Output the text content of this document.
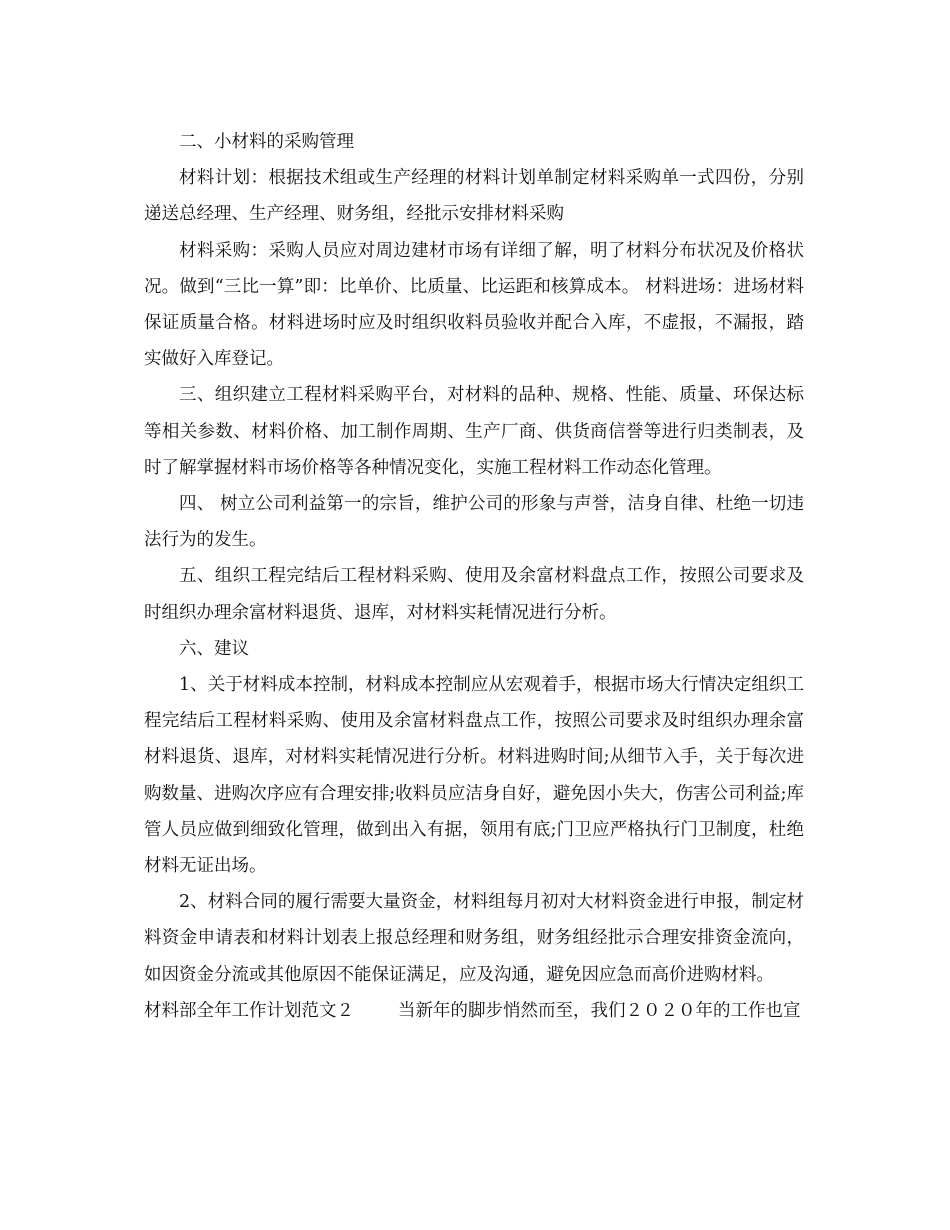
二、小材料的采购管理

材料计划：根据技术组或生产经理的材料计划单制定材料采购单一式四份，分别递送总经理、生产经理、财务组，经批示安排材料采购

材料采购：采购人员应对周边建材市场有详细了解，明了材料分布状况及价格状况。做到“三比一算”即：比单价、比质量、比运距和核算成本。 材料进场：进场材料保证质量合格。材料进场时应及时组织收料员验收并配合入库，不虚报，不漏报，踏实做好入库登记。

三、组织建立工程材料采购平台，对材料的品种、规格、性能、质量、环保达标等相关参数、材料价格、加工制作周期、生产厂商、供货商信誉等进行归类制表，及时了解掌握材料市场价格等各种情况变化，实施工程材料工作动态化管理。

四、 树立公司利益第一的宗旨，维护公司的形象与声誉，洁身自律、杜绝一切违法行为的发生。

五、组织工程完结后工程材料采购、使用及余富材料盘点工作，按照公司要求及时组织办理余富材料退货、退库，对材料实耗情况进行分析。

六、建议

1、关于材料成本控制，材料成本控制应从宏观着手，根据市场大行情决定组织工程完结后工程材料采购、使用及余富材料盘点工作，按照公司要求及时组织办理余富材料退货、退库，对材料实耗情况进行分析。材料进购时间;从细节入手，关于每次进购数量、进购次序应有合理安排;收料员应洁身自好，避免因小失大，伤害公司利益;库管人员应做到细致化管理，做到出入有据，领用有底;门卫应严格执行门卫制度，杜绝材料无证出场。

2、材料合同的履行需要大量资金，材料组每月初对大材料资金进行申报，制定材料资金申请表和材料计划表上报总经理和财务组，财务组经批示合理安排资金流向，如因资金分流或其他原因不能保证满足，应及沟通，避免因应急而高价进购材料。

材料部全年工作计划范文２	当新年的脚步悄然而至，我们２０２０年的工作也宣
